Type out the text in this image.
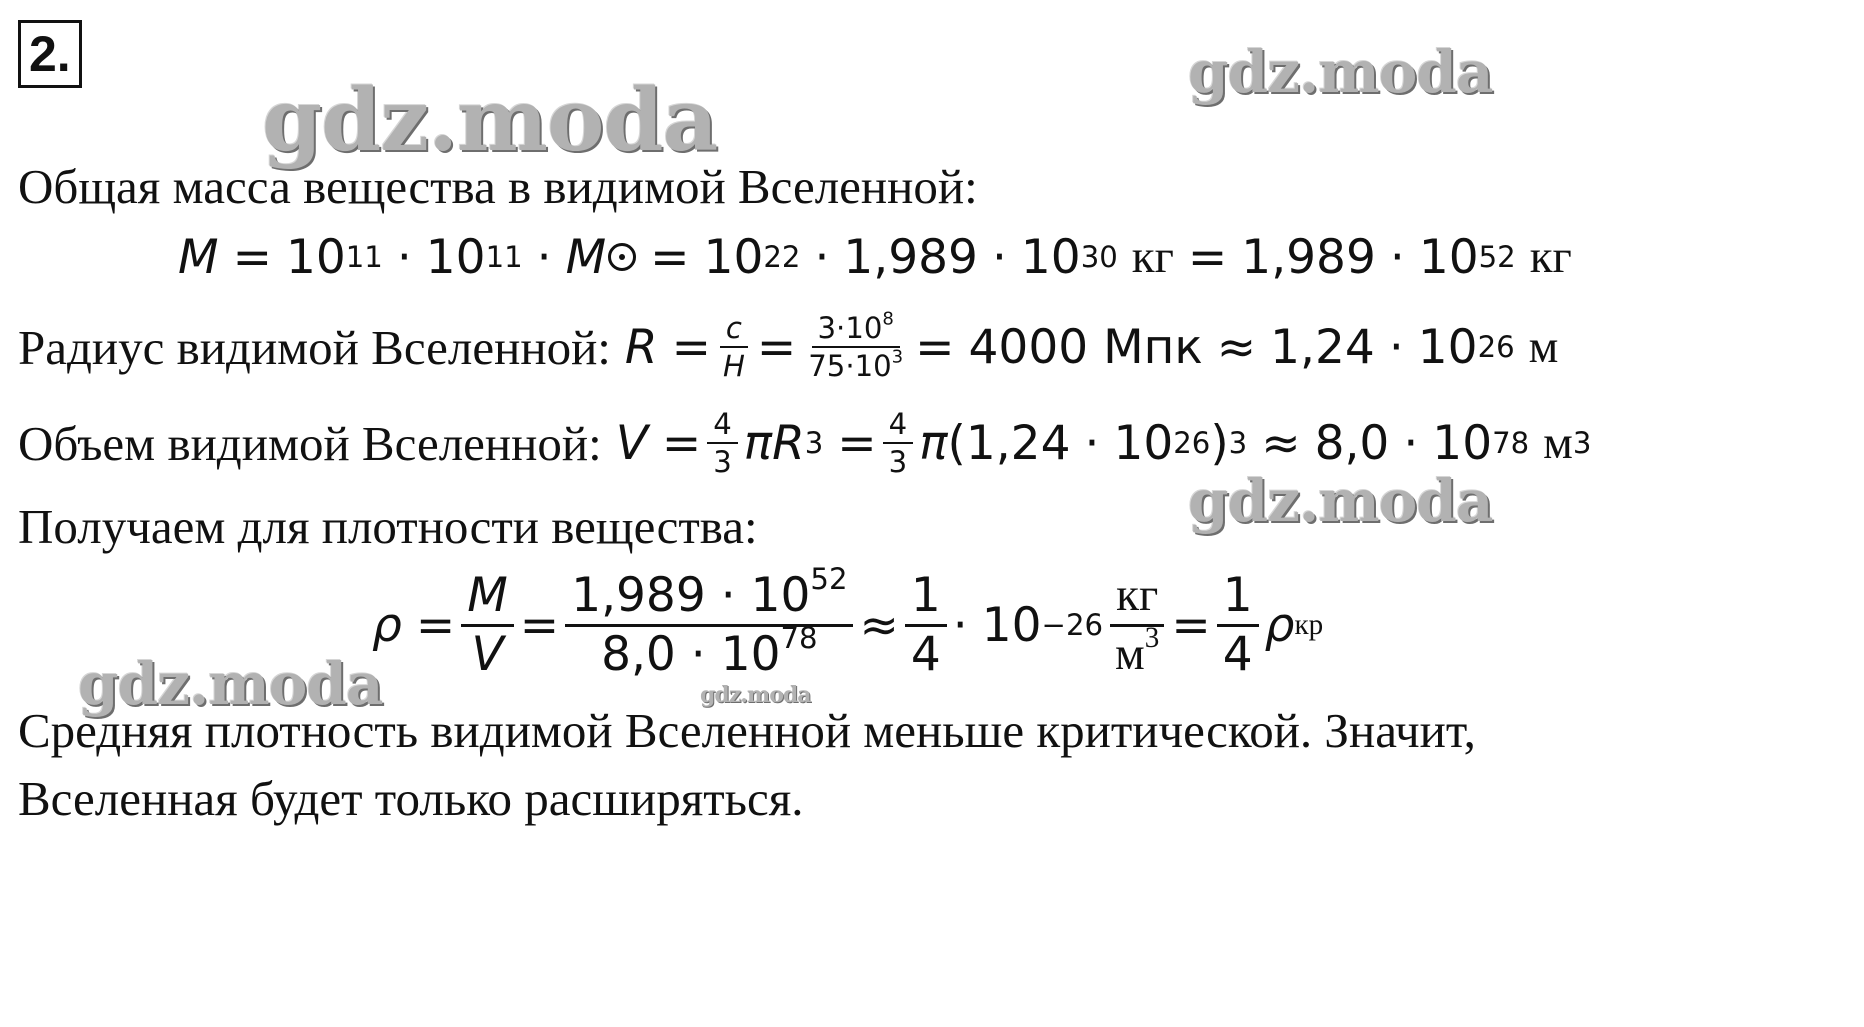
2.
gdz.moda	gdz.moda
gdz.moda
gdz.moda	gdz.moda
Общая масса вещества в видимой Вселенной:
M = 10 11 · 10 11 · M = 10 22 · 1,989 · 10 30 кг = 1,989 · 10 52 кг
Радиус видимой Вселенной: $R = \frac{c}{H} = \frac{3\cdot 10^8}{75\cdot 10^3} = 4000$ Мпк ≈ 1,24 · 10 26 м
Объем видимой Вселенной: $V = \frac{4}{3}$ π R $3 = \frac{4}{3}$ π ( 1,24 · 10 26 ) 3 ≈ 8,0 · 10 78 м 3
Получаем для плотности вещества:
$\rho = \frac{M}{V} = \frac{1,989 \cdot 10^{52}}{8,0 \cdot 10^{78}} \approx \frac{1}{4} \cdot 10 -26 \frac{кг}{м^3} = \frac{1}{4}$ ρ кр
Средняя плотность видимой Вселенной меньше критической. Значит,
Вселенная будет только расширяться.
